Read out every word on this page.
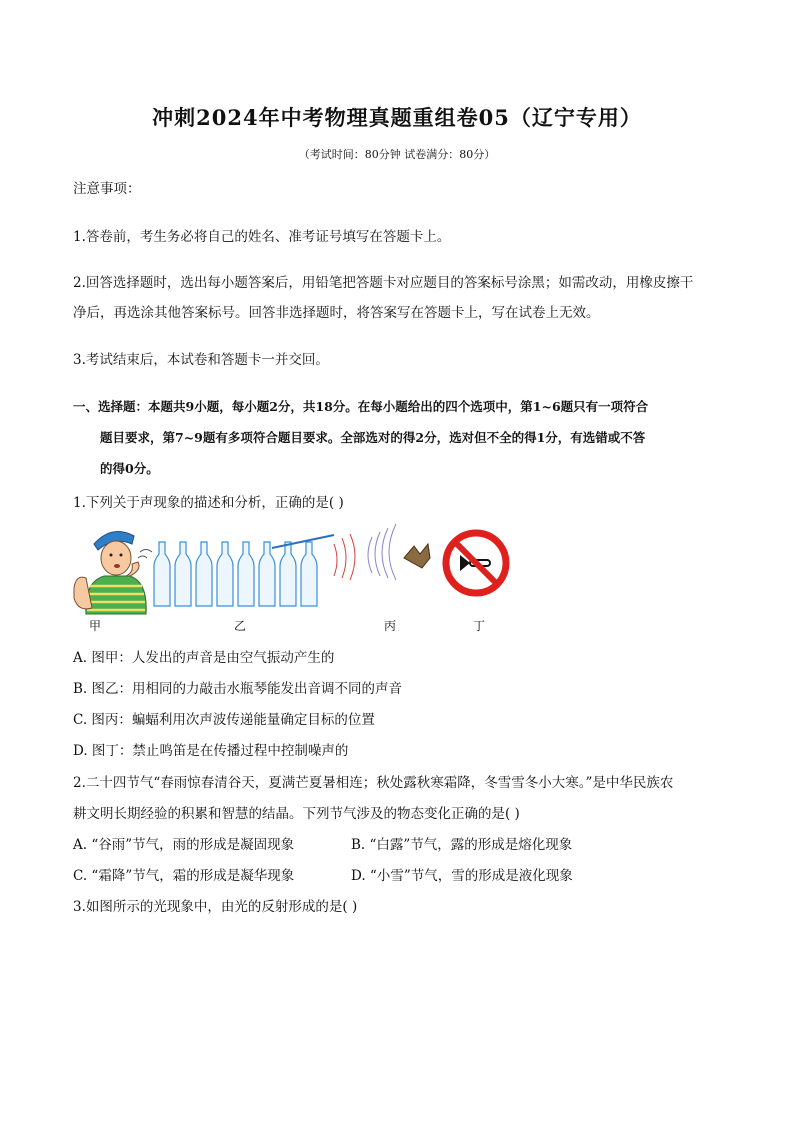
冲刺2024年中考物理真题重组卷05（辽宁专用）
（考试时间：80分钟 试卷满分：80分）
注意事项：
1.答卷前，考生务必将自己的姓名、准考证号填写在答题卡上。
2.回答选择题时，选出每小题答案后，用铅笔把答题卡对应题目的答案标号涂黑；如需改动，用橡皮擦干
净后，再选涂其他答案标号。回答非选择题时，将答案写在答题卡上，写在试卷上无效。
3.考试结束后，本试卷和答题卡一并交回。
一、选择题：本题共9小题，每小题2分，共18分。在每小题给出的四个选项中，第1~6题只有一项符合
题目要求，第7~9题有多项符合题目要求。全部选对的得2分，选对但不全的得1分，有选错或不答
的得0分。
1.下列关于声现象的描述和分析，正确的是( )
甲	乙	丙	丁
A. 图甲：人发出的声音是由空气振动产生的
B. 图乙：用相同的力敲击水瓶琴能发出音调不同的声音
C. 图丙：蝙蝠利用次声波传递能量确定目标的位置
D. 图丁：禁止鸣笛是在传播过程中控制噪声的
2.二十四节气“春雨惊春清谷天，夏满芒夏暑相连；秋处露秋寒霜降，冬雪雪冬小大寒。”是中华民族农
耕文明长期经验的积累和智慧的结晶。下列节气涉及的物态变化正确的是( )
A. “谷雨”节气，雨的形成是凝固现象	B. “白露”节气，露的形成是熔化现象
C. “霜降”节气，霜的形成是凝华现象	D. “小雪”节气，雪的形成是液化现象
3.如图所示的光现象中，由光的反射形成的是( )
